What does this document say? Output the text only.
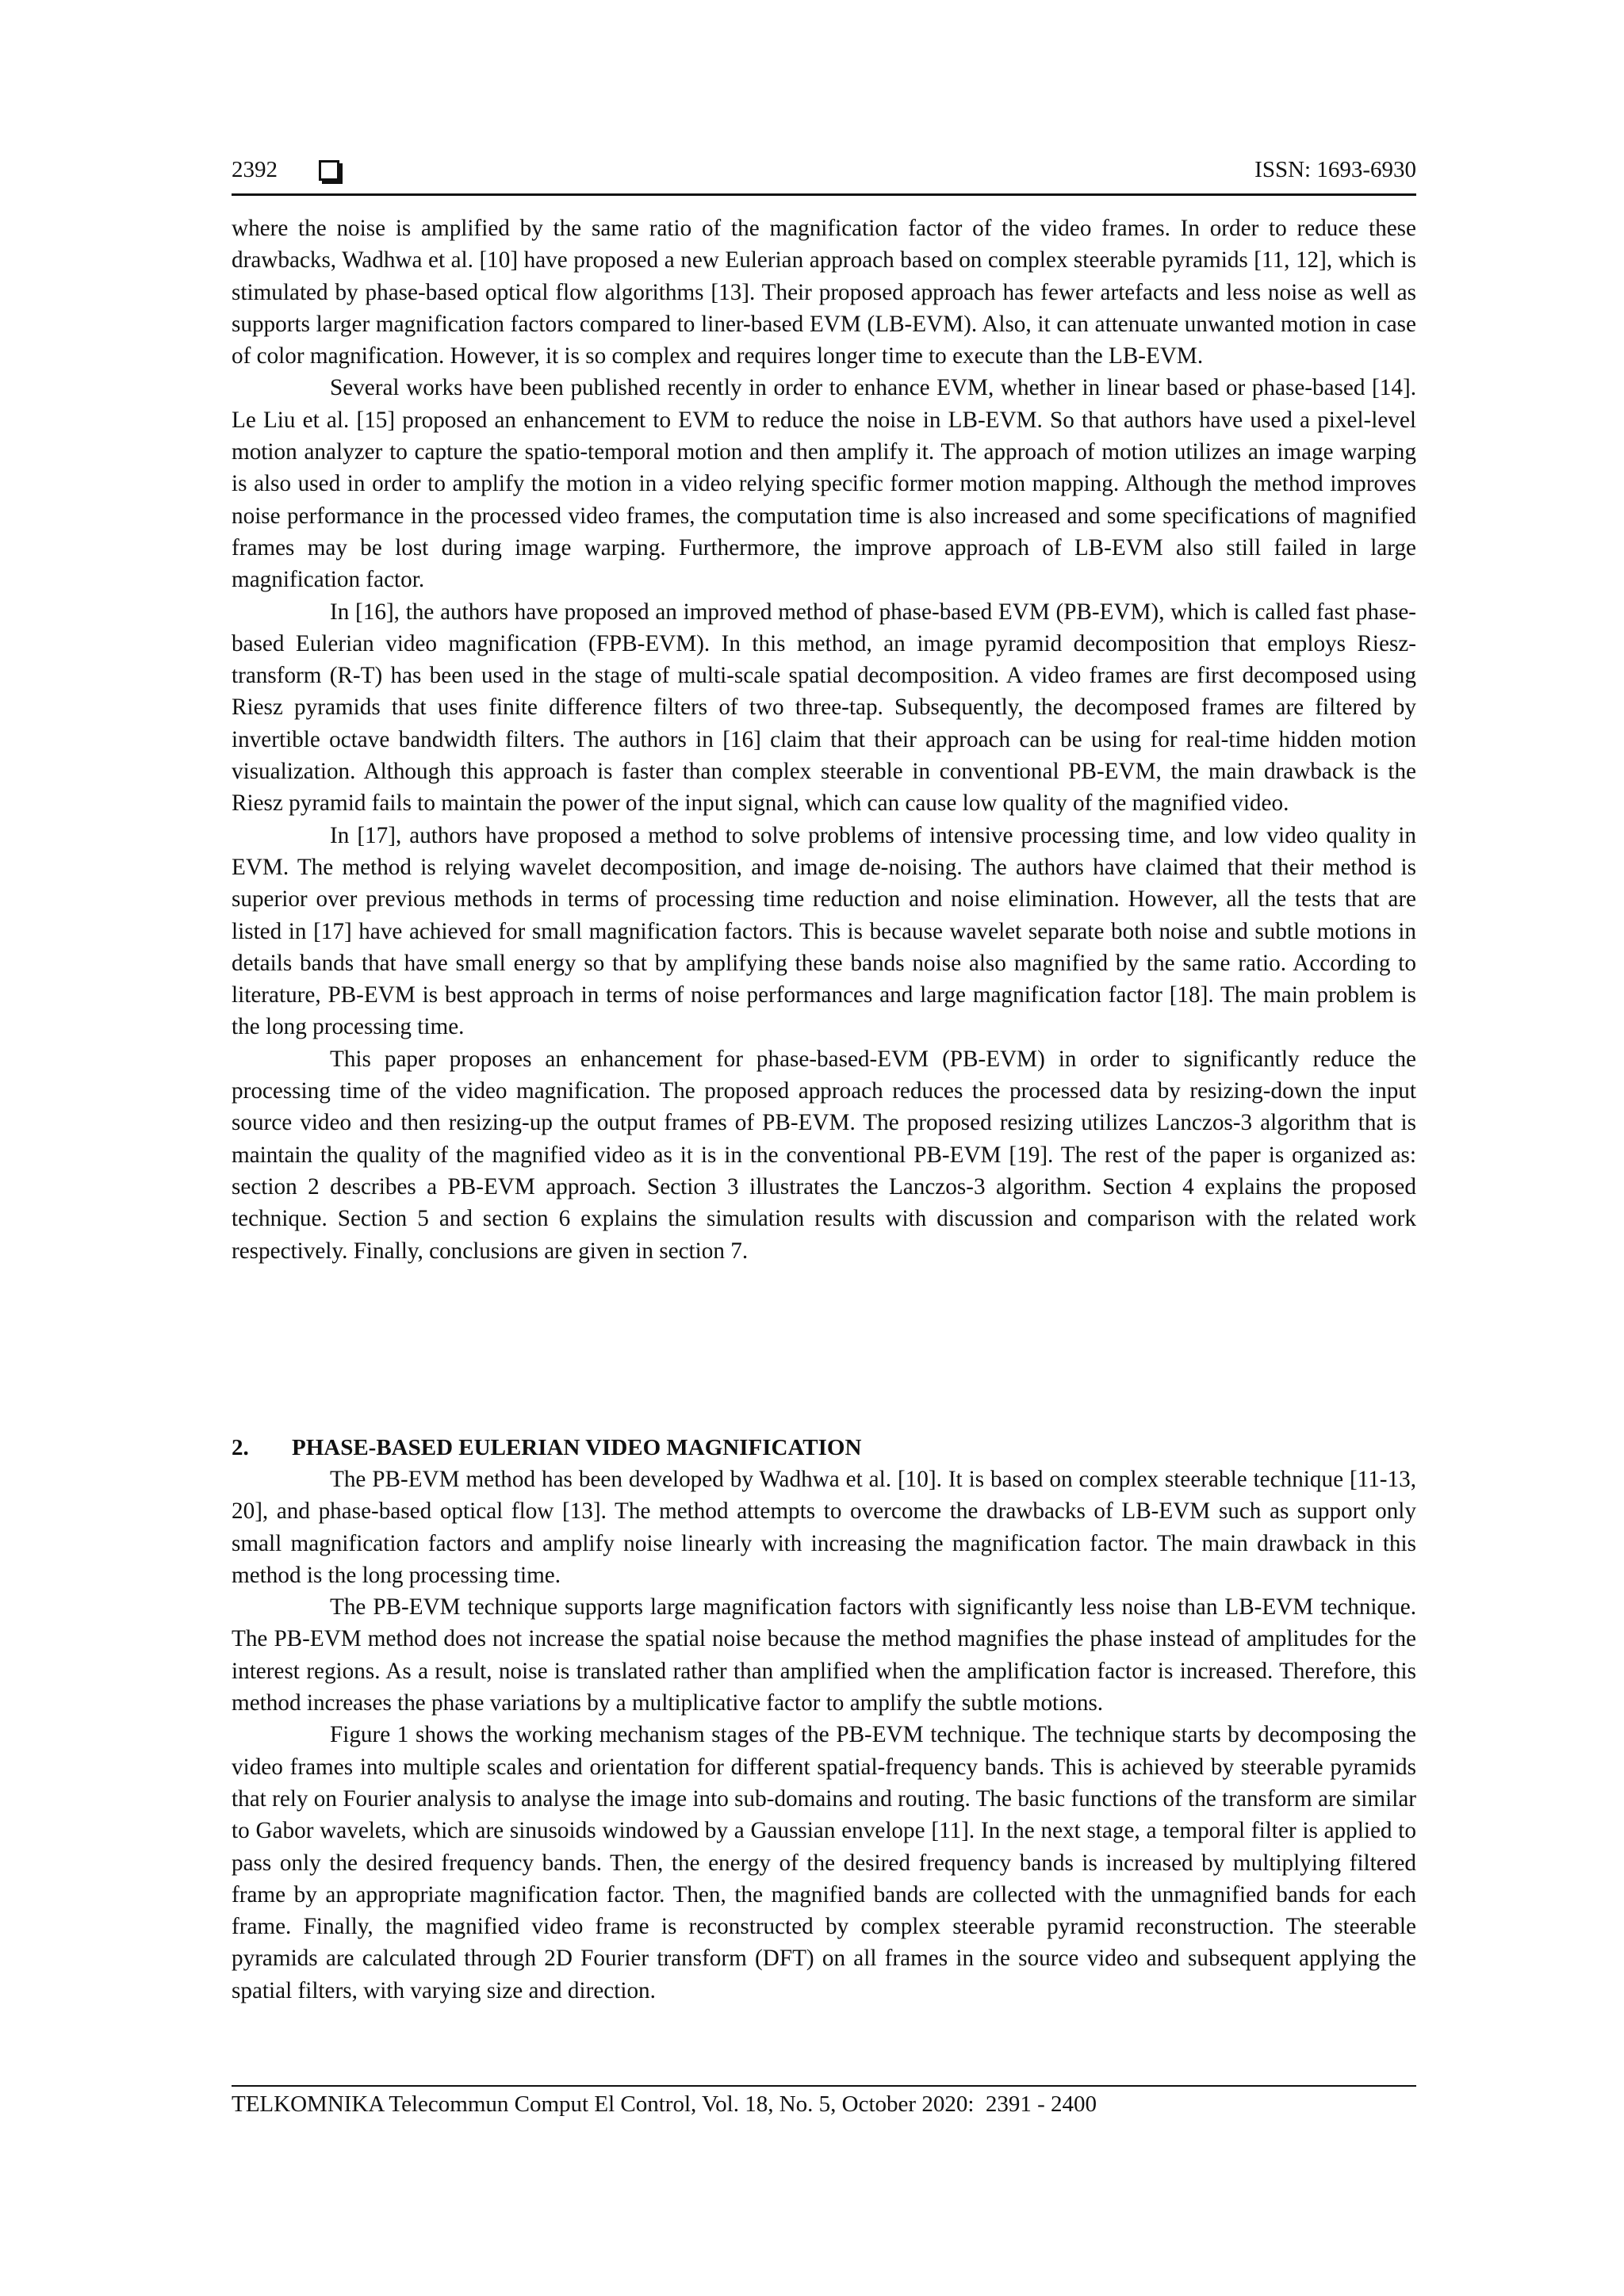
2392	ISSN: 1693-6930

where the noise is amplified by the same ratio of the magnification factor of the video frames. In order to reduce these drawbacks, Wadhwa et al. [10] have proposed a new Eulerian approach based on complex steerable pyramids [11, 12], which is stimulated by phase-based optical flow algorithms [13]. Their proposed approach has fewer artefacts and less noise as well as supports larger magnification factors compared to liner-based EVM (LB-EVM). Also, it can attenuate unwanted motion in case of color magnification. However, it is so complex and requires longer time to execute than the LB-EVM.

Several works have been published recently in order to enhance EVM, whether in linear based or phase-based [14]. Le Liu et al. [15] proposed an enhancement to EVM to reduce the noise in LB-EVM. So that authors have used a pixel-level motion analyzer to capture the spatio-temporal motion and then amplify it. The approach of motion utilizes an image warping is also used in order to amplify the motion in a video relying specific former motion mapping. Although the method improves noise performance in the processed video frames, the computation time is also increased and some specifications of magnified frames may be lost during image warping. Furthermore, the improve approach of LB-EVM also still failed in large magnification factor.

In [16], the authors have proposed an improved method of phase-based EVM (PB-EVM), which is called fast phase-based Eulerian video magnification (FPB-EVM). In this method, an image pyramid decomposition that employs Riesz-transform (R-T) has been used in the stage of multi-scale spatial decomposition. A video frames are first decomposed using Riesz pyramids that uses finite difference filters of two three-tap. Subsequently, the decomposed frames are filtered by invertible octave bandwidth filters. The authors in [16] claim that their approach can be using for real-time hidden motion visualization. Although this approach is faster than complex steerable in conventional PB-EVM, the main drawback is the Riesz pyramid fails to maintain the power of the input signal, which can cause low quality of the magnified video.

In [17], authors have proposed a method to solve problems of intensive processing time, and low video quality in EVM. The method is relying wavelet decomposition, and image de-noising. The authors have claimed that their method is superior over previous methods in terms of processing time reduction and noise elimination. However, all the tests that are listed in [17] have achieved for small magnification factors. This is because wavelet separate both noise and subtle motions in details bands that have small energy so that by amplifying these bands noise also magnified by the same ratio. According to literature, PB-EVM is best approach in terms of noise performances and large magnification factor [18]. The main problem is the long processing time.

This paper proposes an enhancement for phase-based-EVM (PB-EVM) in order to significantly reduce the processing time of the video magnification. The proposed approach reduces the processed data by resizing-down the input source video and then resizing-up the output frames of PB-EVM. The proposed resizing utilizes Lanczos-3 algorithm that is maintain the quality of the magnified video as it is in the conventional PB-EVM [19]. The rest of the paper is organized as: section 2 describes a PB-EVM approach. Section 3 illustrates the Lanczos-3 algorithm. Section 4 explains the proposed technique. Section 5 and section 6 explains the simulation results with discussion and comparison with the related work respectively. Finally, conclusions are given in section 7.

2. PHASE-BASED EULERIAN VIDEO MAGNIFICATION

The PB-EVM method has been developed by Wadhwa et al. [10]. It is based on complex steerable technique [11-13, 20], and phase-based optical flow [13]. The method attempts to overcome the drawbacks of LB-EVM such as support only small magnification factors and amplify noise linearly with increasing the magnification factor. The main drawback in this method is the long processing time.

The PB-EVM technique supports large magnification factors with significantly less noise than LB-EVM technique. The PB-EVM method does not increase the spatial noise because the method magnifies the phase instead of amplitudes for the interest regions. As a result, noise is translated rather than amplified when the amplification factor is increased. Therefore, this method increases the phase variations by a multiplicative factor to amplify the subtle motions.

Figure 1 shows the working mechanism stages of the PB-EVM technique. The technique starts by decomposing the video frames into multiple scales and orientation for different spatial-frequency bands. This is achieved by steerable pyramids that rely on Fourier analysis to analyse the image into sub-domains and routing. The basic functions of the transform are similar to Gabor wavelets, which are sinusoids windowed by a Gaussian envelope [11]. In the next stage, a temporal filter is applied to pass only the desired frequency bands. Then, the energy of the desired frequency bands is increased by multiplying filtered frame by an appropriate magnification factor. Then, the magnified bands are collected with the unmagnified bands for each frame. Finally, the magnified video frame is reconstructed by complex steerable pyramid reconstruction. The steerable pyramids are calculated through 2D Fourier transform (DFT) on all frames in the source video and subsequent applying the spatial filters, with varying size and direction.

TELKOMNIKA Telecommun Comput El Control, Vol. 18, No. 5, October 2020:  2391 - 2400
